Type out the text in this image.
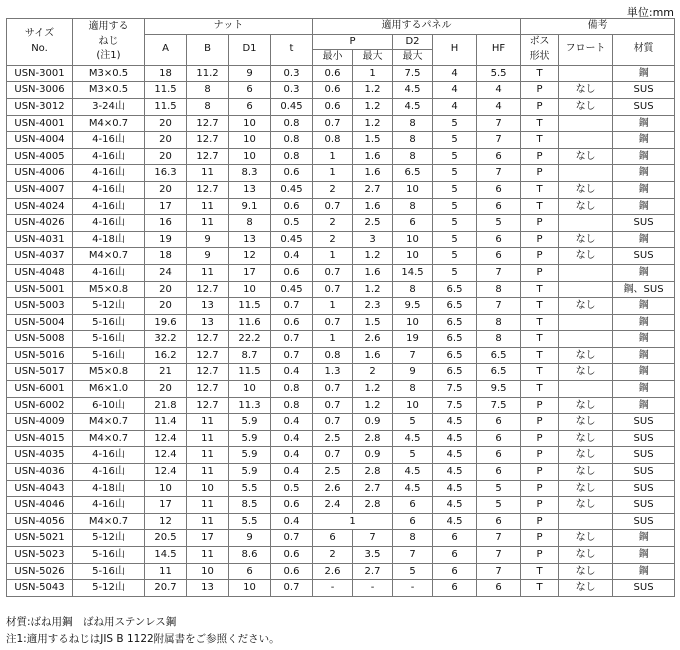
単位:mm
サイズ
No.	適用する
ねじ
(注1)	ナット				適用するパネル					備考		
		A	B	D1	t	P		D2	H	HF	ボス
形状	フロート	材質
						最小	最大	最大					
USN-3001	M3×0.5	18	11.2	9	0.3	0.6	1	7.5	4	5.5	T		鋼
USN-3006	M3×0.5	11.5	8	6	0.3	0.6	1.2	4.5	4	4	P	なし	SUS
USN-3012	3-24山	11.5	8	6	0.45	0.6	1.2	4.5	4	4	P	なし	SUS
USN-4001	M4×0.7	20	12.7	10	0.8	0.7	1.2	8	5	7	T		鋼
USN-4004	4-16山	20	12.7	10	0.8	0.8	1.5	8	5	7	T		鋼
USN-4005	4-16山	20	12.7	10	0.8	1	1.6	8	5	6	P	なし	鋼
USN-4006	4-16山	16.3	11	8.3	0.6	1	1.6	6.5	5	7	P		鋼
USN-4007	4-16山	20	12.7	13	0.45	2	2.7	10	5	6	T	なし	鋼
USN-4024	4-16山	17	11	9.1	0.6	0.7	1.6	8	5	6	T	なし	鋼
USN-4026	4-16山	16	11	8	0.5	2	2.5	6	5	5	P		SUS
USN-4031	4-18山	19	9	13	0.45	2	3	10	5	6	P	なし	鋼
USN-4037	M4×0.7	18	9	12	0.4	1	1.2	10	5	6	P	なし	SUS
USN-4048	4-16山	24	11	17	0.6	0.7	1.6	14.5	5	7	P		鋼
USN-5001	M5×0.8	20	12.7	10	0.45	0.7	1.2	8	6.5	8	T		鋼、SUS
USN-5003	5-12山	20	13	11.5	0.7	1	2.3	9.5	6.5	7	T	なし	鋼
USN-5004	5-16山	19.6	13	11.6	0.6	0.7	1.5	10	6.5	8	T		鋼
USN-5008	5-16山	32.2	12.7	22.2	0.7	1	2.6	19	6.5	8	T		鋼
USN-5016	5-16山	16.2	12.7	8.7	0.7	0.8	1.6	7	6.5	6.5	T	なし	鋼
USN-5017	M5×0.8	21	12.7	11.5	0.4	1.3	2	9	6.5	6.5	T	なし	鋼
USN-6001	M6×1.0	20	12.7	10	0.8	0.7	1.2	8	7.5	9.5	T		鋼
USN-6002	6-10山	21.8	12.7	11.3	0.8	0.7	1.2	10	7.5	7.5	P	なし	鋼
USN-4009	M4×0.7	11.4	11	5.9	0.4	0.7	0.9	5	4.5	6	P	なし	SUS
USN-4015	M4×0.7	12.4	11	5.9	0.4	2.5	2.8	4.5	4.5	6	P	なし	SUS
USN-4035	4-16山	12.4	11	5.9	0.4	0.7	0.9	5	4.5	6	P	なし	SUS
USN-4036	4-16山	12.4	11	5.9	0.4	2.5	2.8	4.5	4.5	6	P	なし	SUS
USN-4043	4-18山	10	10	5.5	0.5	2.6	2.7	4.5	4.5	5	P	なし	SUS
USN-4046	4-16山	17	11	8.5	0.6	2.4	2.8	6	4.5	5	P	なし	SUS
USN-4056	M4×0.7	12	11	5.5	0.4	1		6	4.5	6	P		SUS
USN-5021	5-12山	20.5	17	9	0.7	6	7	8	6	7	P	なし	鋼
USN-5023	5-16山	14.5	11	8.6	0.6	2	3.5	7	6	7	P	なし	鋼
USN-5026	5-16山	11	10	6	0.6	2.6	2.7	5	6	7	T	なし	鋼
USN-5043	5-12山	20.7	13	10	0.7	-	-	-	6	6	T	なし	SUS
材質:ばね用鋼　ばね用ステンレス鋼
注1:適用するねじはJIS B 1122附属書をご参照ください。
